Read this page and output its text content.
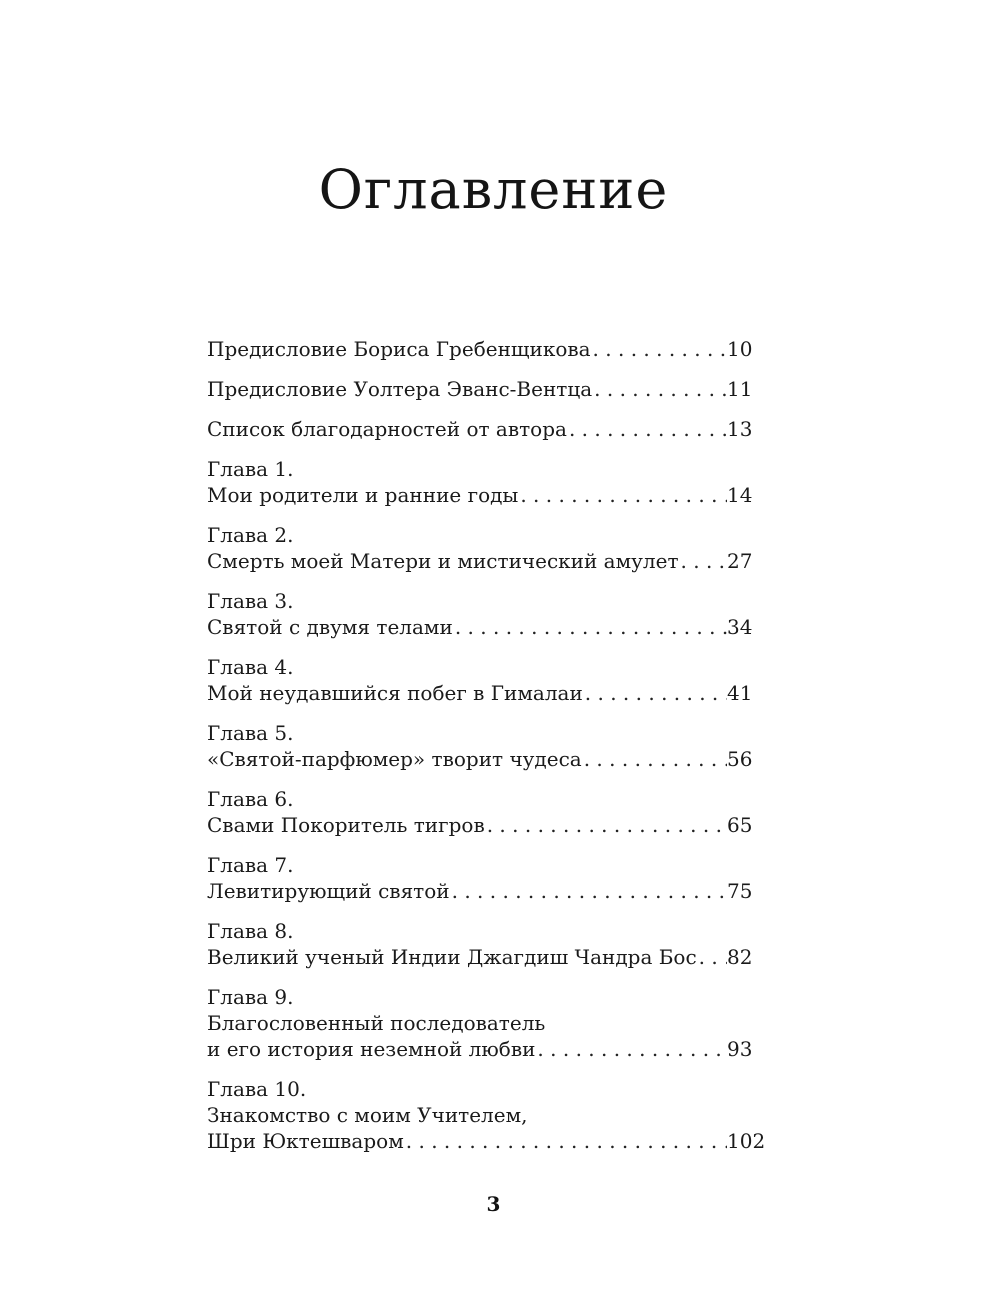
Оглавление
Предисловие Бориса Гребенщикова . . .	10
Предисловие Уолтера Эванс-Вентца . . .	11
Список благодарностей от автора . . .	13
Глава 1.
Мои родители и ранние годы . . .	14
Глава 2.
Смерть моей Матери и мистический амулет . . . 27
Глава 3.
Святой с двумя телами . . .	34
Глава 4.
Мой неудавшийся побег в Гималаи . . .	41
Глава 5.
«Святой-парфюмер» творит чудеса . . .	56
Глава 6.
Свами Покоритель тигров . . .	65
Глава 7.
Левитирующий святой . . .	75
Глава 8.
Великий ученый Индии Джагдиш Чандра Бос . . . 82
Глава 9.
Благословенный последователь
и его история неземной любви . . .	93
Глава 10.
Знакомство с моим Учителем,
Шри Юктешваром . . .	102
3
